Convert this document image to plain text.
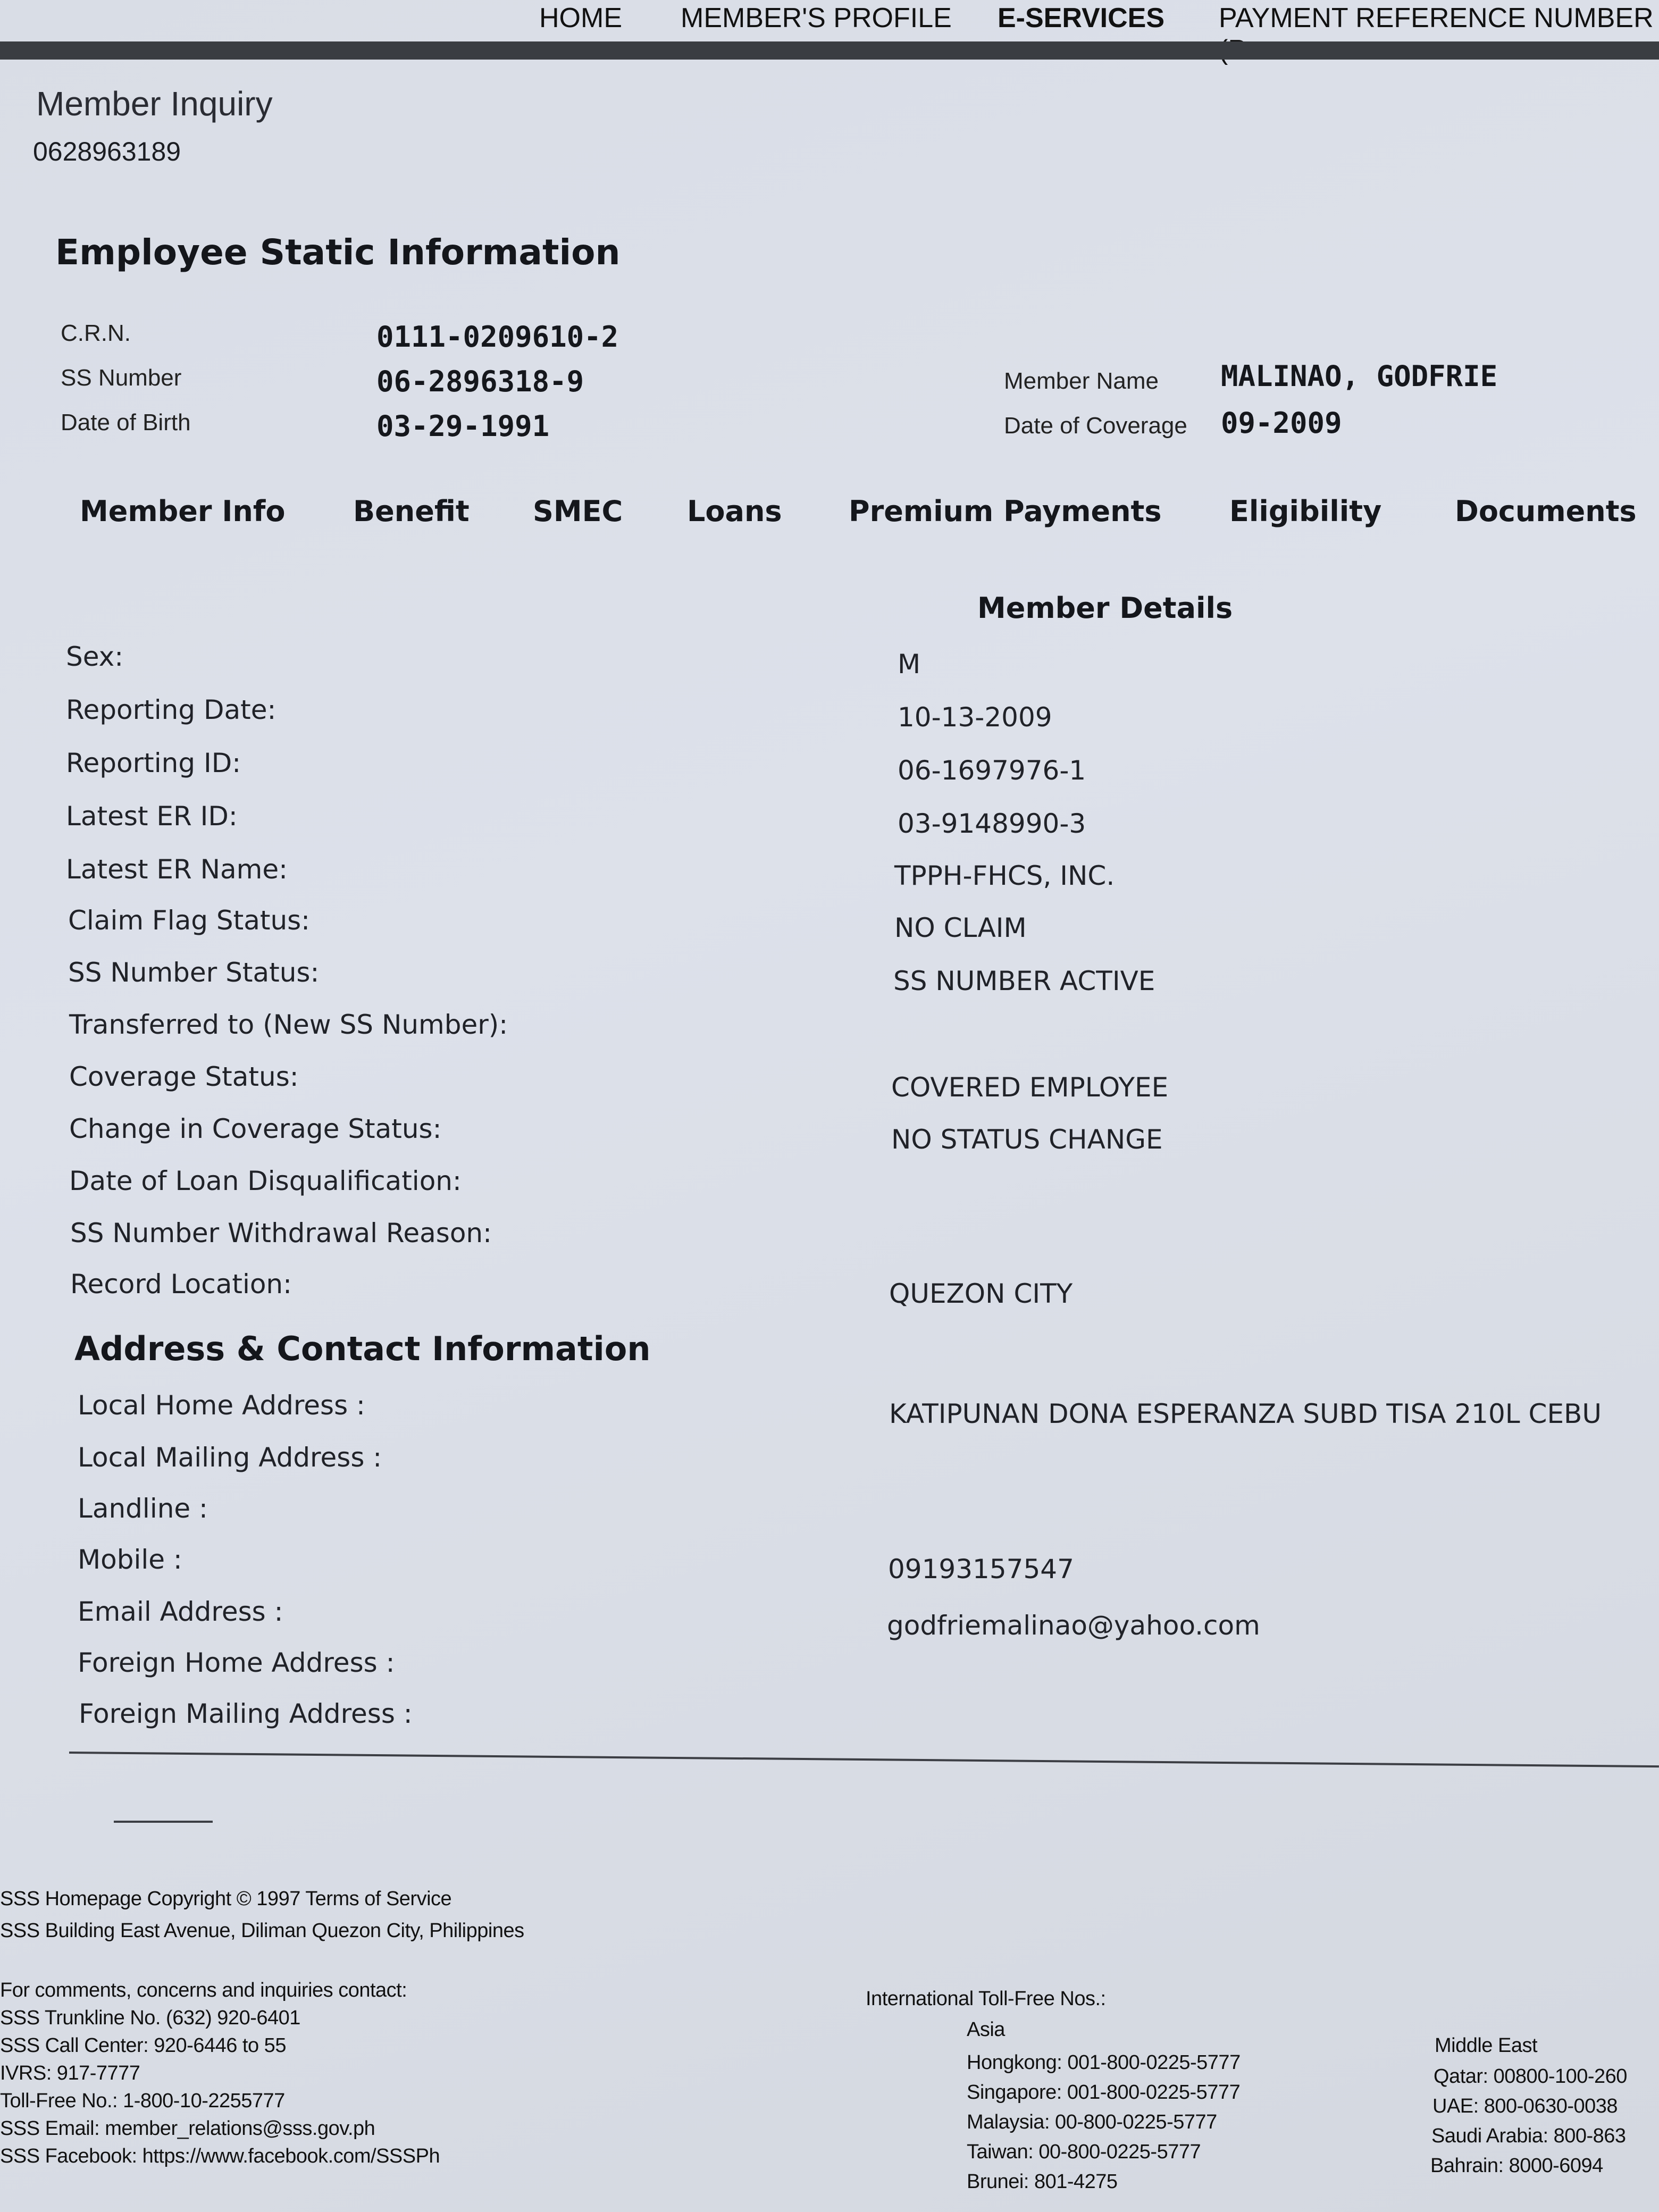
HOME MEMBER'S PROFILE E-SERVICES PAYMENT REFERENCE NUMBER
Member Inquiry
0628963189
Employee Static Information
C.R.N.	0111-0209610-2
SS Number	06-2896318-9
Date of Birth	03-29-1991
Member Name MALINAO, GODFRIE
Date of Coverage 09-2009
Member Info Benefit SMEC Loans Premium Payments Eligibility	Documents
Member Details
Sex:	M
Reporting Date:	10-13-2009
Reporting ID:	06-1697976-1
Latest ER ID:	03-9148990-3
Latest ER Name:	TPPH-FHCS, INC.
Claim Flag Status:	NO CLAIM
SS Number Status:	SS NUMBER ACTIVE
Transferred to (New SS Number):
Coverage Status:	COVERED EMPLOYEE
Change in Coverage Status:	NO STATUS CHANGE
Date of Loan Disqualification:
SS Number Withdrawal Reason:
Record Location:	QUEZON CITY
Address & Contact Information
Local Home Address :	KATIPUNAN DONA ESPERANZA SUBD TISA 210L CEBU
Local Mailing Address :
Landline :
Mobile :	09193157547
Email Address :	godfriemalinao@yahoo.com
Foreign Home Address :
Foreign Mailing Address :
SSS Homepage Copyright © 1997 Terms of Service
SSS Building East Avenue, Diliman Quezon City, Philippines
For comments, concerns and inquiries contact:
SSS Trunkline No. (632) 920-6401
SSS Call Center: 920-6446 to 55
IVRS: 917-7777
Toll-Free No.: 1-800-10-2255777
SSS Email: member_relations@sss.gov.ph
SSS Facebook: https://www.facebook.com/SSSPh
International Toll-Free Nos.:
Asia
Hongkong: 001-800-0225-5777
Singapore: 001-800-0225-5777
Malaysia: 00-800-0225-5777
Taiwan: 00-800-0225-5777
Brunei: 801-4275
Middle East
Qatar: 00800-100-260
UAE: 800-0630-0038
Saudi Arabia: 800-863
Bahrain: 8000-6094
